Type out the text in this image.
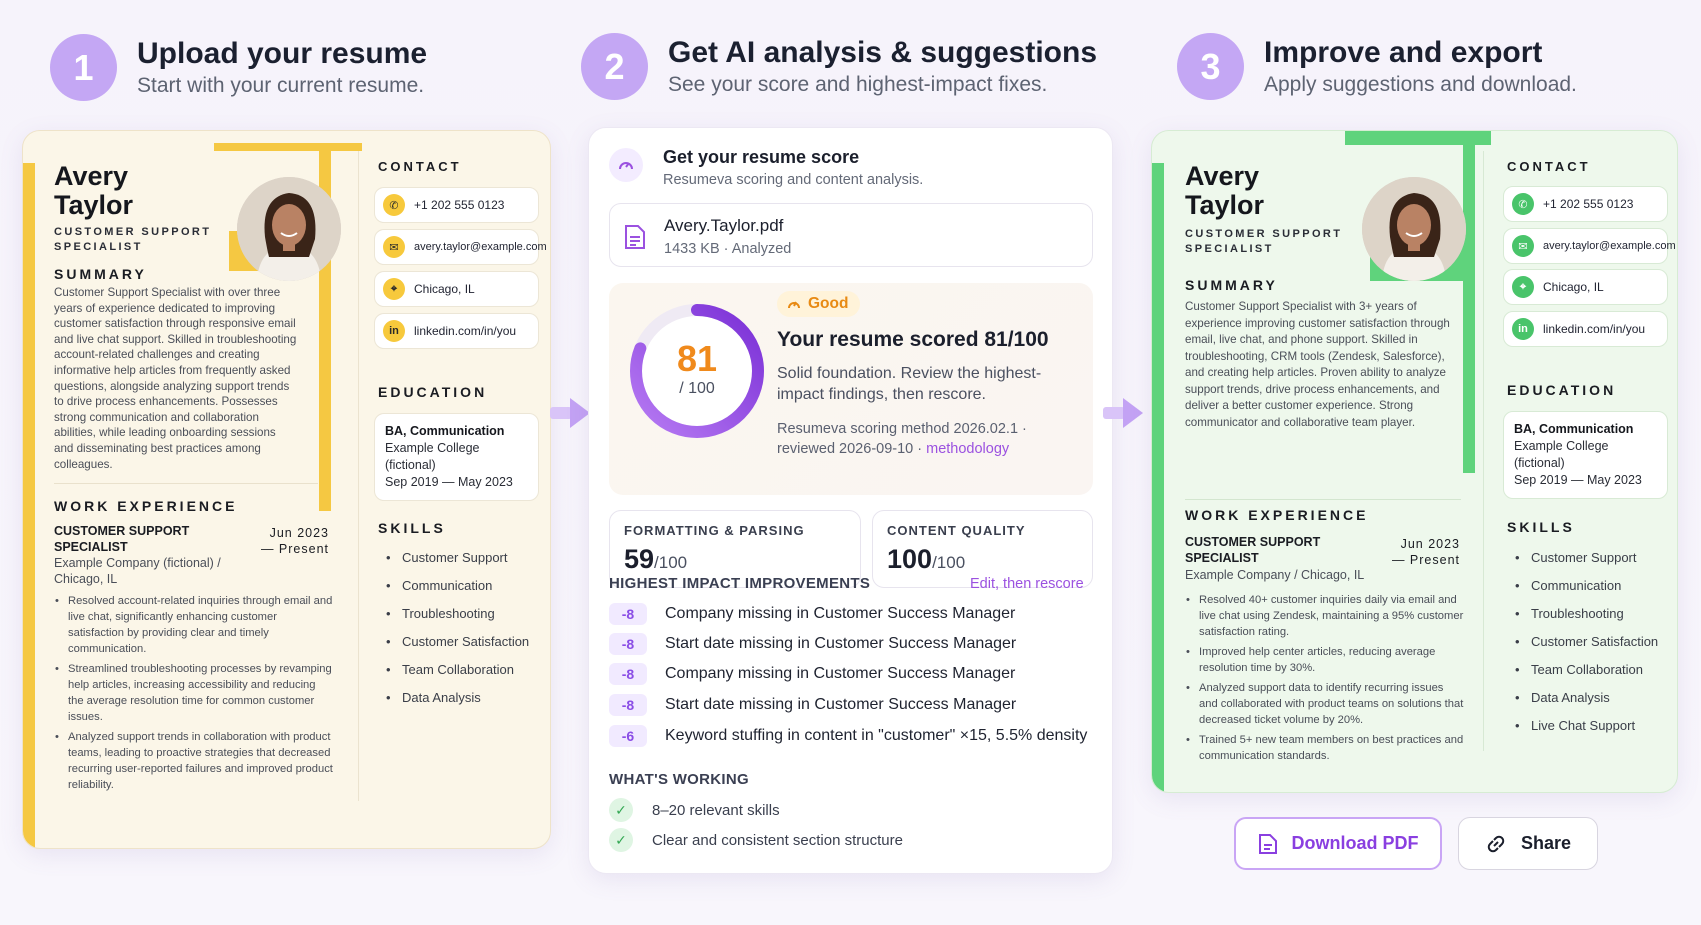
1	Upload your resume
Start with your current resume.	2	Get AI analysis & suggestions
See your score and highest-impact fixes.	3	Improve and export
Apply suggestions and download.
Avery
Taylor
CUSTOMER SUPPORT
SPECIALIST
SUMMARY
Customer Support Specialist with over three years of experience dedicated to improving customer satisfaction through responsive email and live chat support. Skilled in troubleshooting account-related challenges and creating informative help articles from frequently asked questions, alongside analyzing support trends to drive process enhancements. Possesses strong communication and collaboration abilities, while leading onboarding sessions and disseminating best practices among colleagues.
WORK EXPERIENCE
CUSTOMER SUPPORT
SPECIALIST
Jun 2023
— Present
Example Company (fictional) /
Chicago, IL
• Resolved account-related inquiries through email and live chat, significantly enhancing customer satisfaction by providing clear and timely communication.
• Streamlined troubleshooting processes by revamping help articles, increasing accessibility and reducing the average resolution time for common customer issues.
• Analyzed support trends in collaboration with product teams, leading to proactive strategies that decreased recurring user-reported failures and improved product reliability.
CONTACT
✆	+1 202 555 0123
✉	avery.taylor@example.com
⌖	Chicago, IL
in	linkedin.com/in/you
EDUCATION
BA, Communication
Example College (fictional)
Sep 2019 — May 2023
SKILLS
• Customer Support
• Communication
• Troubleshooting
• Customer Satisfaction
• Team Collaboration
• Data Analysis
Get your resume score
Resumeva scoring and content analysis.
Avery.Taylor.pdf
1433 KB · Analyzed
81
/ 100
Good
Your resume scored 81/100
Solid foundation. Review the highest-
impact findings, then rescore.
Resumeva scoring method 2026.02.1 ·
reviewed 2026-09-10 · methodology
FORMATTING & PARSING
59/100
CONTENT QUALITY
100/100
HIGHEST IMPACT IMPROVEMENTS	Edit, then rescore
-8	Company missing in Customer Success Manager
-8	Start date missing in Customer Success Manager
-8	Company missing in Customer Success Manager
-8	Start date missing in Customer Success Manager
-6	Keyword stuffing in content in "customer" ×15, 5.5% density
WHAT'S WORKING
✓	8–20 relevant skills
✓	Clear and consistent section structure
Avery
Taylor
CUSTOMER SUPPORT
SPECIALIST
SUMMARY
Customer Support Specialist with 3+ years of experience improving customer satisfaction through email, live chat, and phone support. Skilled in troubleshooting, CRM tools (Zendesk, Salesforce), and creating help articles. Proven ability to analyze support trends, drive process enhancements, and deliver a better customer experience. Strong communicator and collaborative team player.
WORK EXPERIENCE
CUSTOMER SUPPORT
SPECIALIST
Jun 2023
— Present
Example Company / Chicago, IL
• Resolved 40+ customer inquiries daily via email and live chat using Zendesk, maintaining a 95% customer satisfaction rating.
• Improved help center articles, reducing average resolution time by 30%.
• Analyzed support data to identify recurring issues and collaborated with product teams on solutions that decreased ticket volume by 20%.
• Trained 5+ new team members on best practices and communication standards.
CONTACT
✆	+1 202 555 0123
✉	avery.taylor@example.com
⌖	Chicago, IL
in	linkedin.com/in/you
EDUCATION
BA, Communication
Example College (fictional)
Sep 2019 — May 2023
SKILLS
• Customer Support
• Communication
• Troubleshooting
• Customer Satisfaction
• Team Collaboration
• Data Analysis
• Live Chat Support
Download PDF	Share
